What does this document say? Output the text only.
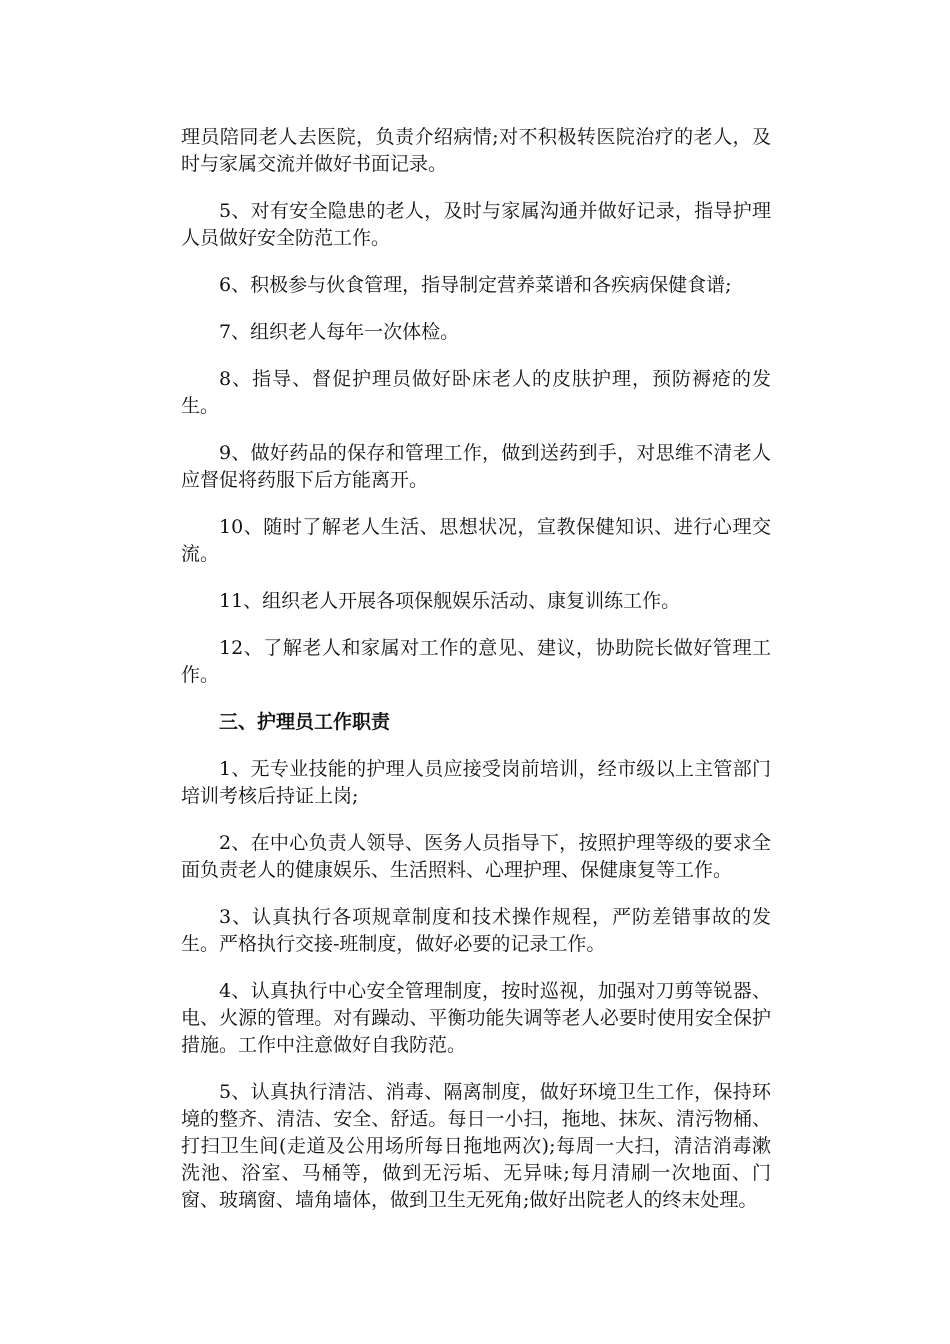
理员陪同老人去医院，负责介绍病情;对不积极转医院治疗的老人，及时与家属交流并做好书面记录。

5、对有安全隐患的老人，及时与家属沟通并做好记录，指导护理人员做好安全防范工作。

6、积极参与伙食管理，指导制定营养菜谱和各疾病保健食谱;

7、组织老人每年一次体检。

8、指导、督促护理员做好卧床老人的皮肤护理，预防褥疮的发生。

9、做好药品的保存和管理工作，做到送药到手，对思维不清老人应督促将药服下后方能离开。

10、随时了解老人生活、思想状况，宣教保健知识、进行心理交流。

11、组织老人开展各项保舰娱乐活动、康复训练工作。

12、了解老人和家属对工作的意见、建议，协助院长做好管理工作。

三、护理员工作职责

1、无专业技能的护理人员应接受岗前培训，经市级以上主管部门培训考核后持证上岗;

2、在中心负责人领导、医务人员指导下，按照护理等级的要求全面负责老人的健康娱乐、生活照料、心理护理、保健康复等工作。

3、认真执行各项规章制度和技术操作规程，严防差错事故的发生。严格执行交接-班制度，做好必要的记录工作。

4、认真执行中心安全管理制度，按时巡视，加强对刀剪等锐器、电、火源的管理。对有躁动、平衡功能失调等老人必要时使用安全保护措施。工作中注意做好自我防范。

5、认真执行清洁、消毒、隔离制度，做好环境卫生工作，保持环境的整齐、清洁、安全、舒适。每日一小扫，拖地、抹灰、清污物桶、打扫卫生间(走道及公用场所每日拖地两次);每周一大扫，清洁消毒漱洗池、浴室、马桶等，做到无污垢、无异味;每月清刷一次地面、门窗、玻璃窗、墙角墙体，做到卫生无死角;做好出院老人的终末处理。
